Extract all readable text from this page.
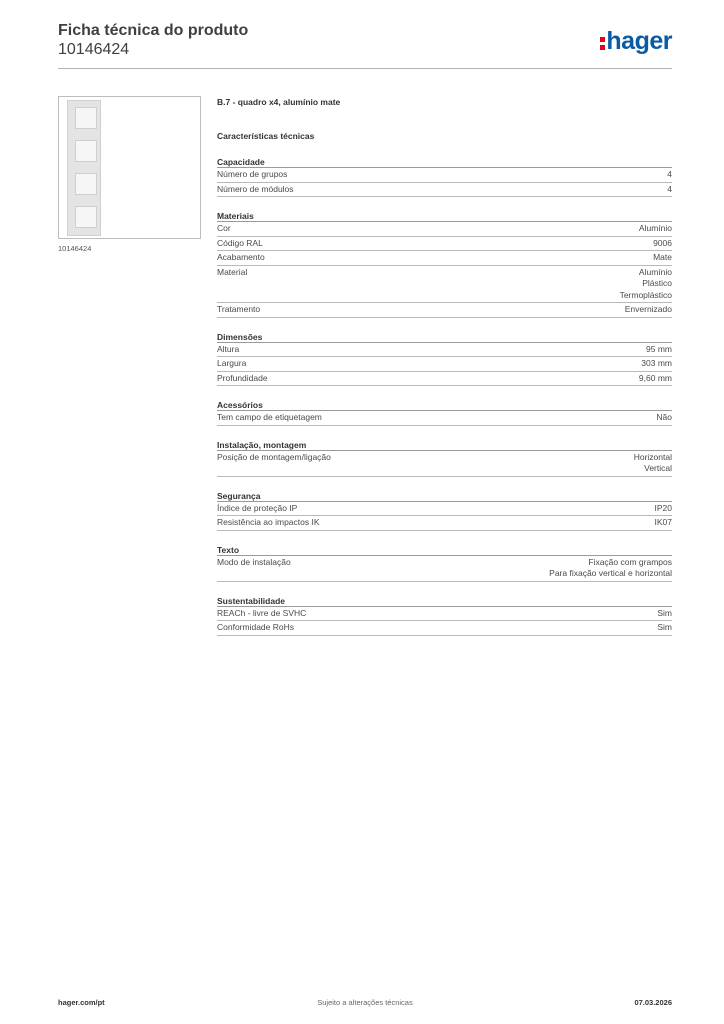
Ficha técnica do produto
10146424	hager
10146424
B.7 - quadro x4, alumínio mate
Características técnicas
Capacidade
Número de grupos	4
Número de módulos	4
Materiais
Cor	Alumínio
Código RAL	9006
Acabamento	Mate
Material	Alumínio
Plástico
Termoplástico
Tratamento	Envernizado
Dimensões
Altura	95 mm
Largura	303 mm
Profundidade	9,60 mm
Acessórios
Tem campo de etiquetagem	Não
Instalação, montagem
Posição de montagem/ligação	Horizontal
Vertical
Segurança
Índice de proteção IP	IP20
Resistência ao impactos IK	IK07
Texto
Modo de instalação	Fixação com grampos
Para fixação vertical e horizontal
Sustentabilidade
REACh - livre de SVHC	Sim
Conformidade RoHs	Sim
hager.com/pt	Sujeito a alterações técnicas	07.03.2026
